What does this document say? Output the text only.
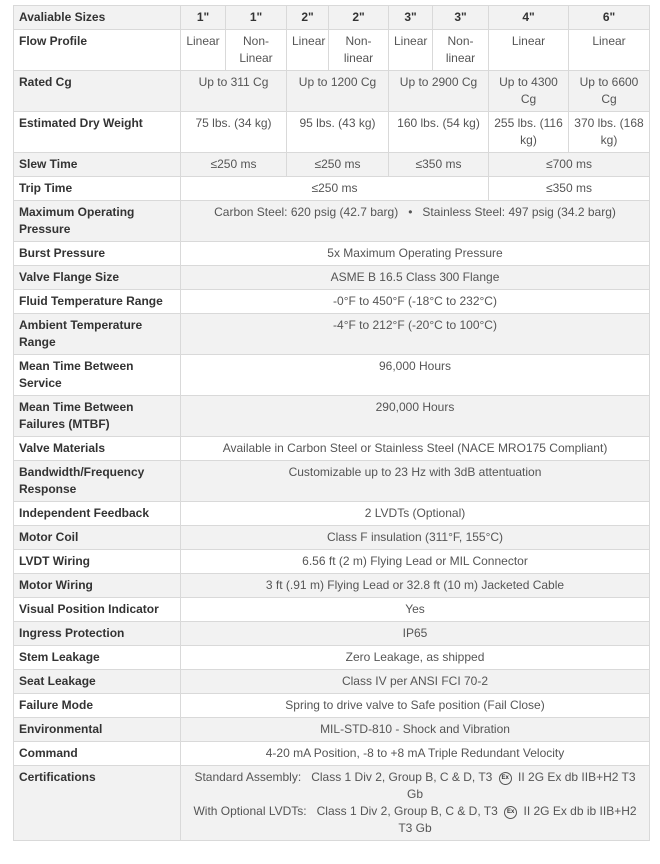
Avaliable Sizes	1"	1"	2"	2"	3"	3"	4"	6"
Flow Profile	Linear	Non-Linear	Linear	Non-linear	Linear	Non-linear	Linear	Linear
Rated Cg	Up to 311 Cg		Up to 1200 Cg		Up to 2900 Cg		Up to 4300 Cg	Up to 6600 Cg
Estimated Dry Weight	75 lbs. (34 kg)		95 lbs. (43 kg)		160 lbs. (54 kg)		255 lbs. (116 kg)	370 lbs. (168 kg)
Slew Time	≤250 ms		≤250 ms		≤350 ms		≤700 ms	
Trip Time	≤250 ms						≤350 ms	
Maximum Operating Pressure	Carbon Steel: 620 psig (42.7 barg)   •   Stainless Steel: 497 psig (34.2 barg)							
Burst Pressure	5x Maximum Operating Pressure							
Valve Flange Size	ASME B 16.5 Class 300 Flange							
Fluid Temperature Range	-0°F to 450°F (-18°C to 232°C)							
Ambient Temperature Range	-4°F to 212°F (-20°C to 100°C)							
Mean Time Between Service	96,000 Hours							
Mean Time Between Failures (MTBF)	290,000 Hours							
Valve Materials	Available in Carbon Steel or Stainless Steel (NACE MRO175 Compliant)							
Bandwidth/Frequency Response	Customizable up to 23 Hz with 3dB attentuation							
Independent Feedback	2 LVDTs (Optional)							
Motor Coil	Class F insulation (311°F, 155°C)							
LVDT Wiring	6.56 ft (2 m) Flying Lead or MIL Connector							
Motor Wiring	3 ft (.91 m) Flying Lead or 32.8 ft (10 m) Jacketed Cable							
Visual Position Indicator	Yes							
Ingress Protection	IP65							
Stem Leakage	Zero Leakage, as shipped							
Seat Leakage	Class IV per ANSI FCI 70-2							
Failure Mode	Spring to drive valve to Safe position (Fail Close)							
Environmental	MIL-STD-810 - Shock and Vibration							
Command	4-20 mA Position, -8 to +8 mA Triple Redundant Velocity							
Certifications	Standard Assembly: Class 1 Div 2, Group B, C & D, T3 Ex II 2G Ex db IIB+H2 T3 Gb
With Optional LVDTs: Class 1 Div 2, Group B, C & D, T3 Ex II 2G Ex db ib IIB+H2 T3 Gb							
